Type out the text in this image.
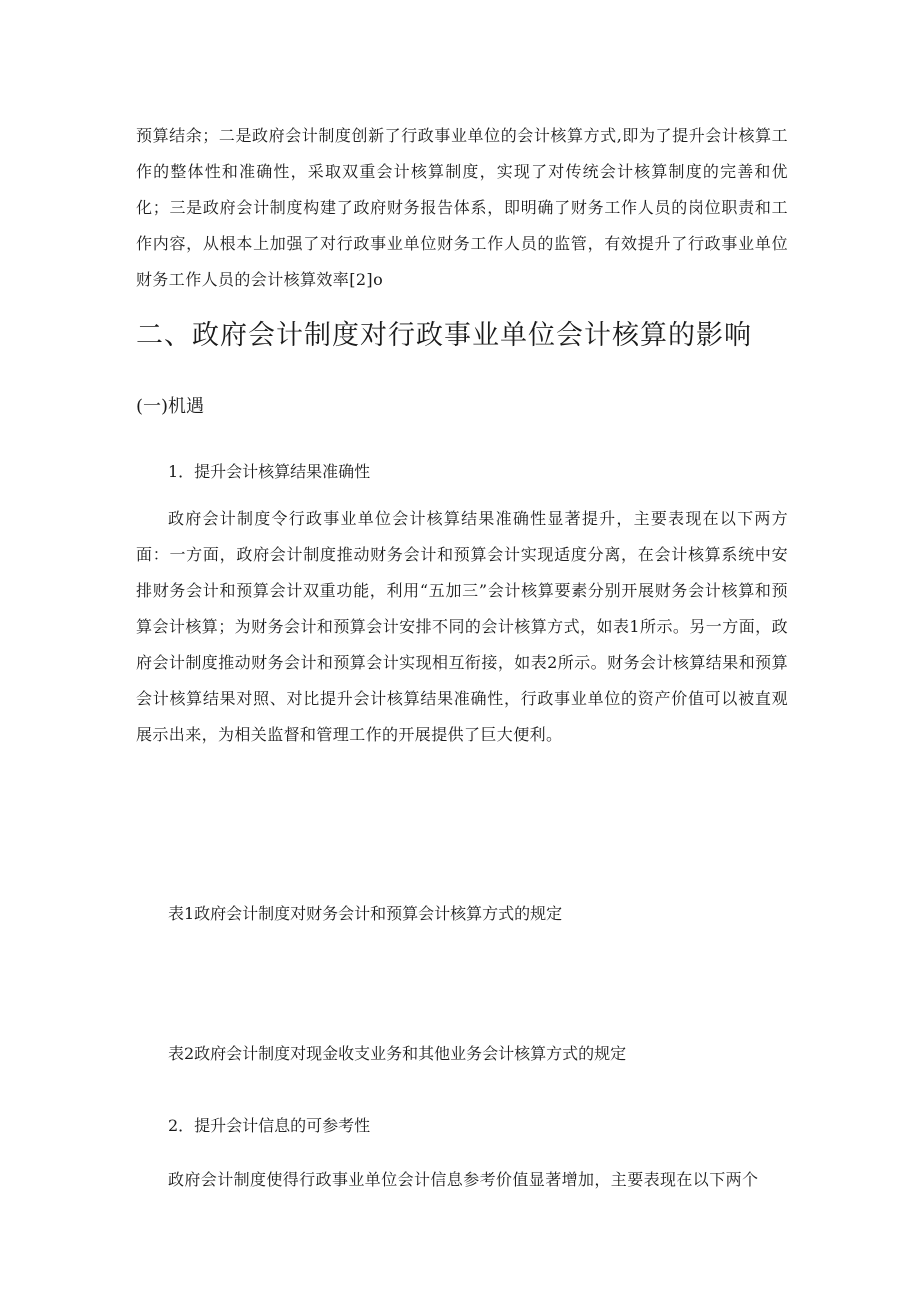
预算结余；二是政府会计制度创新了行政事业单位的会计核算方式,即为了提升会计核算工作的整体性和准确性，采取双重会计核算制度，实现了对传统会计核算制度的完善和优化；三是政府会计制度构建了政府财务报告体系，即明确了财务工作人员的岗位职责和工作内容，从根本上加强了对行政事业单位财务工作人员的监管，有效提升了行政事业单位财务工作人员的会计核算效率[2]o

二、政府会计制度对行政事业单位会计核算的影响
(一)机遇
1．提升会计核算结果准确性

政府会计制度令行政事业单位会计核算结果准确性显著提升，主要表现在以下两方面：一方面，政府会计制度推动财务会计和预算会计实现适度分离，在会计核算系统中安排财务会计和预算会计双重功能，利用“五加三”会计核算要素分别开展财务会计核算和预算会计核算；为财务会计和预算会计安排不同的会计核算方式，如表1所示。另一方面，政府会计制度推动财务会计和预算会计实现相互衔接，如表2所示。财务会计核算结果和预算会计核算结果对照、对比提升会计核算结果准确性，行政事业单位的资产价值可以被直观展示出来，为相关监督和管理工作的开展提供了巨大便利。

表1政府会计制度对财务会计和预算会计核算方式的规定
表2政府会计制度对现金收支业务和其他业务会计核算方式的规定
2．提升会计信息的可参考性

政府会计制度使得行政事业单位会计信息参考价值显著增加，主要表现在以下两个
